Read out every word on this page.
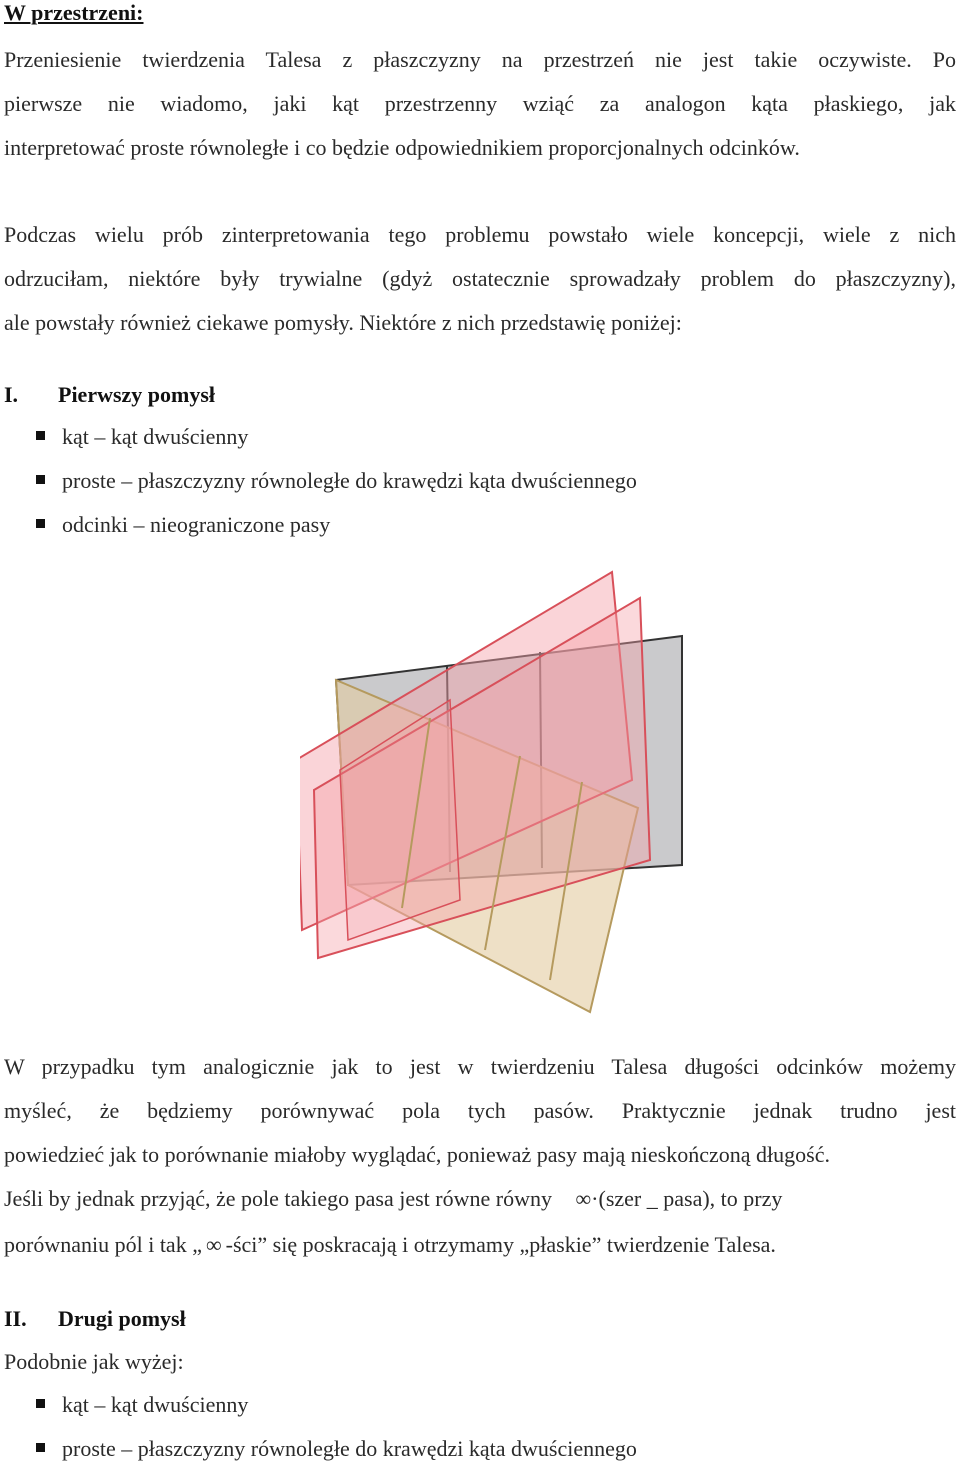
W przestrzeni:
Przeniesienie twierdzenia Talesa z płaszczyzny na przestrzeń nie jest takie oczywiste. Po
pierwsze nie wiadomo, jaki kąt przestrzenny wziąć za analogon kąta płaskiego, jak
interpretować proste równoległe i co będzie odpowiednikiem proporcjonalnych odcinków.
Podczas wielu prób zinterpretowania tego problemu powstało wiele koncepcji, wiele z nich
odrzuciłam, niektóre były trywialne (gdyż ostatecznie sprowadzały problem do płaszczyzny),
ale powstały również ciekawe pomysły. Niektóre z nich przedstawię poniżej:
I. Pierwszy pomysł
kąt – kąt dwuścienny
proste – płaszczyzny równoległe do krawędzi kąta dwuściennego
odcinki – nieograniczone pasy
W przypadku tym analogicznie jak to jest w twierdzeniu Talesa długości odcinków możemy
myśleć, że będziemy porównywać pola tych pasów. Praktycznie jednak trudno jest
powiedzieć jak to porównanie miałoby wyglądać, ponieważ pasy mają nieskończoną długość.
Jeśli by jednak przyjąć, że pole takiego pasa jest równe równy ∞·(szer _ pasa), to przy
porównaniu pól i tak „ ∞ -ści” się poskracają i otrzymamy „płaskie” twierdzenie Talesa.
II. Drugi pomysł
Podobnie jak wyżej:
kąt – kąt dwuścienny
proste – płaszczyzny równoległe do krawędzi kąta dwuściennego
